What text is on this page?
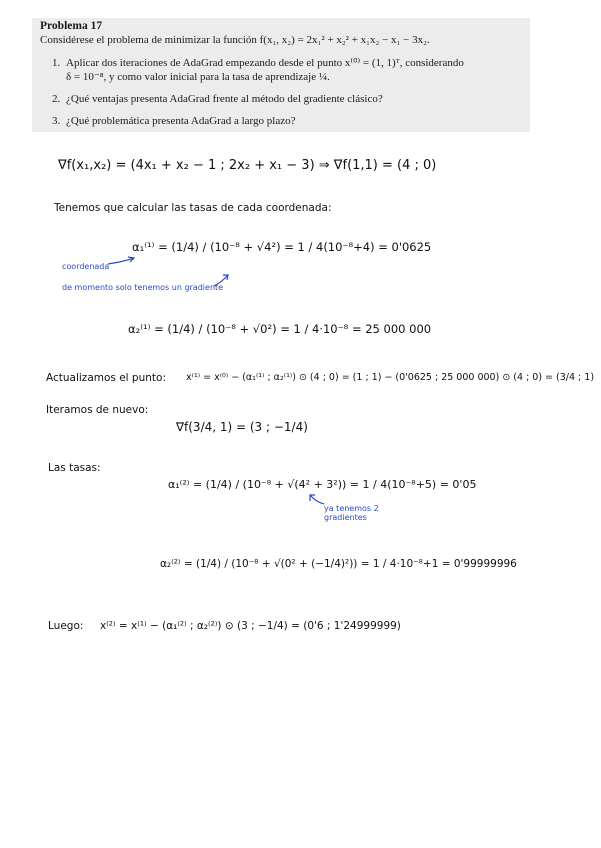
Problema 17
Considérese el problema de minimizar la función f(x₁, x₂) = 2x₁² + x₂² + x₁x₂ − x₁ − 3x₂.
1. Aplicar dos iteraciones de AdaGrad empezando desde el punto x⁽⁰⁾ = (1, 1)ᵀ, considerando
δ = 10⁻⁸, y como valor inicial para la tasa de aprendizaje ¼.
2. ¿Qué ventajas presenta AdaGrad frente al método del gradiente clásico?
3. ¿Qué problemática presenta AdaGrad a largo plazo?
∇f(x₁,x₂) = (4x₁ + x₂ − 1 ; 2x₂ + x₁ − 3) ⇒ ∇f(1,1) = (4 ; 0)
Tenemos que calcular las tasas de cada coordenada:
α₁⁽¹⁾ = (1/4) / (10⁻⁸ + √4²) = 1 / 4(10⁻⁸+4) = 0'0625
coordenada
de momento solo tenemos un gradiente
α₂⁽¹⁾ = (1/4) / (10⁻⁸ + √0²) = 1 / 4·10⁻⁸ = 25 000 000
Actualizamos el punto: x⁽¹⁾ = x⁽⁰⁾ − (α₁⁽¹⁾ ; α₂⁽¹⁾) ⊙ (4 ; 0) = (1 ; 1) − (0'0625 ; 25 000 000) ⊙ (4 ; 0) = (3/4 ; 1)
Iteramos de nuevo:
∇f(3/4, 1) = (3 ; −1/4)
Las tasas:
α₁⁽²⁾ = (1/4) / (10⁻⁸ + √(4² + 3²)) = 1 / 4(10⁻⁸+5) = 0'05
ya tenemos 2 gradientes
α₂⁽²⁾ = (1/4) / (10⁻⁸ + √(0² + (−1/4)²)) = 1 / 4·10⁻⁸+1 = 0'99999996
Luego: x⁽²⁾ = x⁽¹⁾ − (α₁⁽²⁾ ; α₂⁽²⁾) ⊙ (3 ; −1/4) = (0'6 ; 1'24999999)
